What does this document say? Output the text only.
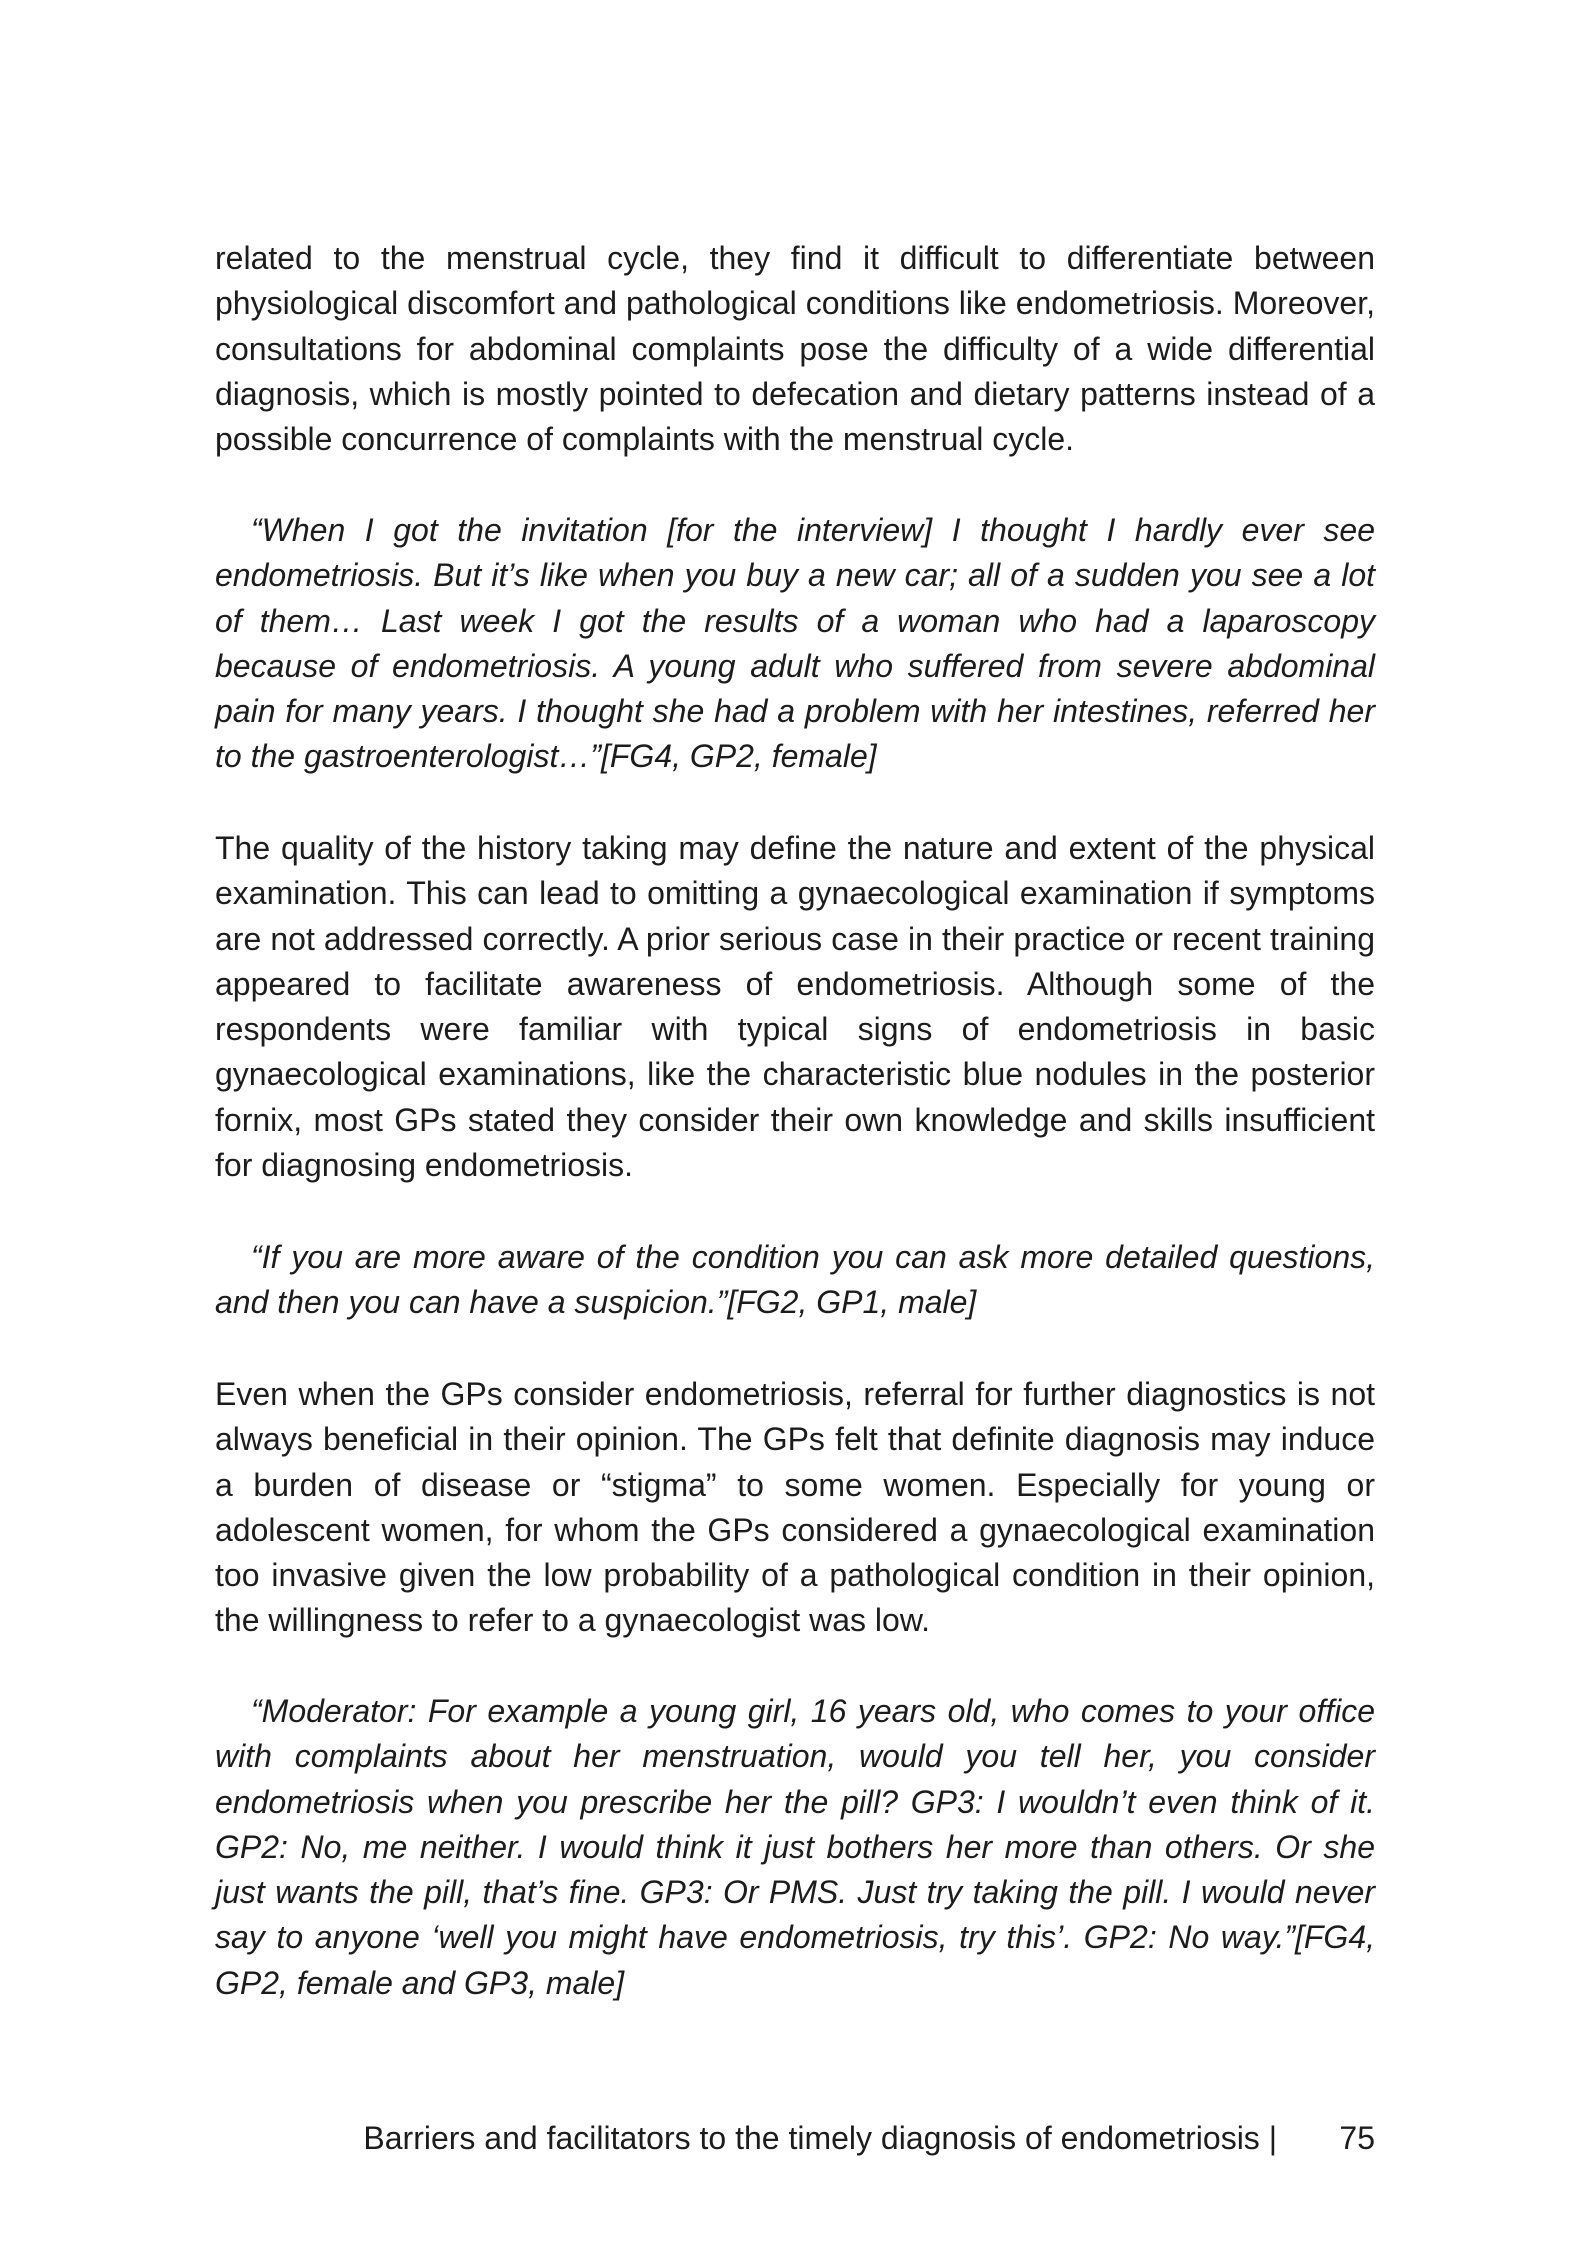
related to the menstrual cycle, they find it difficult to differentiate between physiological discomfort and pathological conditions like endometriosis. Moreover, consultations for abdominal complaints pose the difficulty of a wide differential diagnosis, which is mostly pointed to defecation and dietary patterns instead of a possible concurrence of complaints with the menstrual cycle.

“When I got the invitation [for the interview] I thought I hardly ever see endometriosis. But it’s like when you buy a new car; all of a sudden you see a lot of them… Last week I got the results of a woman who had a laparoscopy because of endometriosis. A young adult who suffered from severe abdominal pain for many years. I thought she had a problem with her intestines, referred her to the gastroenterologist…”[FG4, GP2, female]

The quality of the history taking may define the nature and extent of the physical examination. This can lead to omitting a gynaecological examination if symptoms are not addressed correctly. A prior serious case in their practice or recent training appeared to facilitate awareness of endometriosis. Although some of the respondents were familiar with typical signs of endometriosis in basic gynaecological examinations, like the characteristic blue nodules in the posterior fornix, most GPs stated they consider their own knowledge and skills insufficient for diagnosing endometriosis.

“If you are more aware of the condition you can ask more detailed questions, and then you can have a suspicion.”[FG2, GP1, male]

Even when the GPs consider endometriosis, referral for further diagnostics is not always beneficial in their opinion. The GPs felt that definite diagnosis may induce a burden of disease or “stigma” to some women. Especially for young or adolescent women, for whom the GPs considered a gynaecological examination too invasive given the low probability of a pathological condition in their opinion, the willingness to refer to a gynaecologist was low.

“Moderator: For example a young girl, 16 years old, who comes to your office with complaints about her menstruation, would you tell her, you consider endometriosis when you prescribe her the pill? GP3: I wouldn’t even think of it. GP2: No, me neither. I would think it just bothers her more than others. Or she just wants the pill, that’s fine. GP3: Or PMS. Just try taking the pill. I would never say to anyone ‘well you might have endometriosis, try this’. GP2: No way.”[FG4, GP2, female and GP3, male]

Barriers and facilitators to the timely diagnosis of endometriosis | 75
